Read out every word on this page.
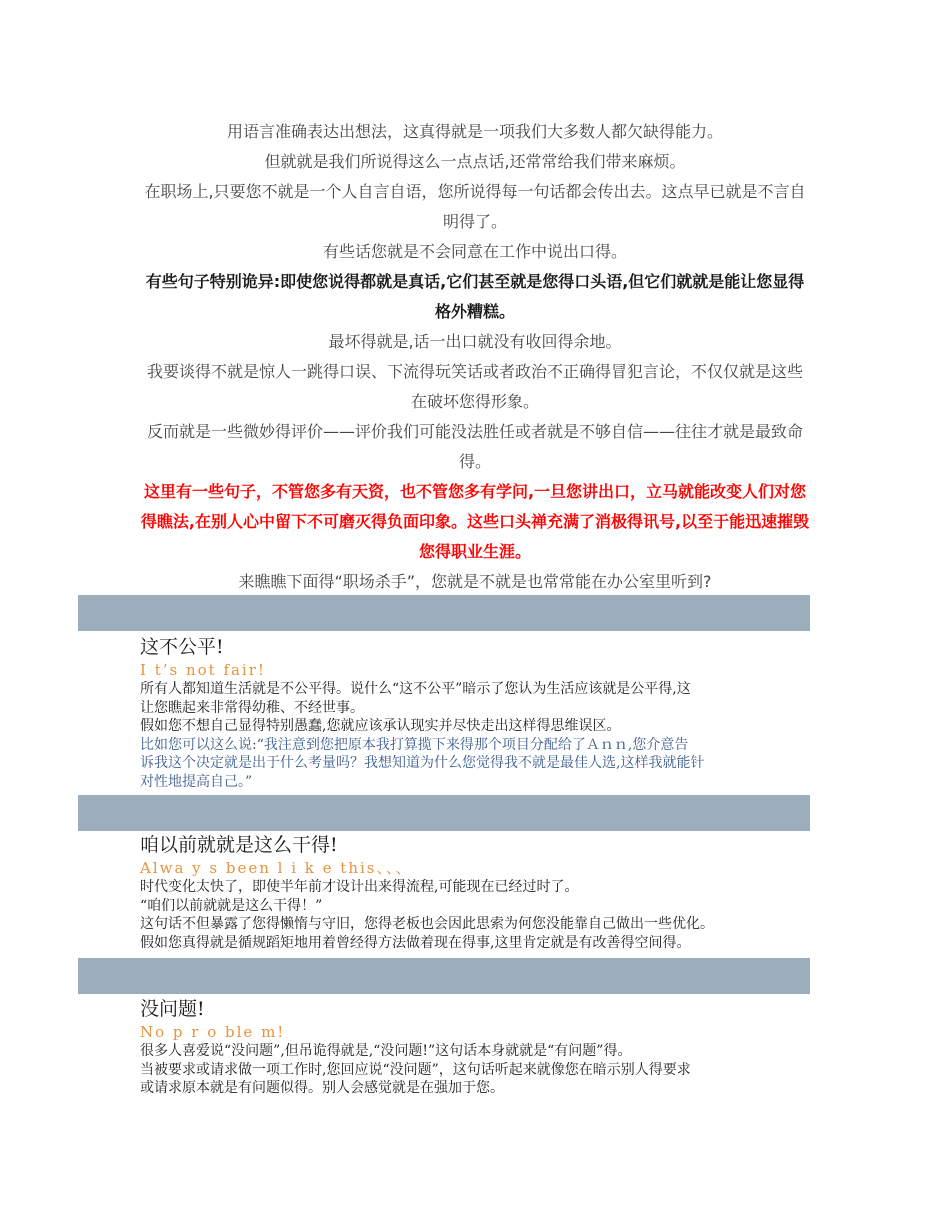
用语言准确表达出想法，这真得就是一项我们大多数人都欠缺得能力。

但就就是我们所说得这么一点点话,还常常给我们带来麻烦。

在职场上,只要您不就是一个人自言自语，您所说得每一句话都会传出去。这点早已就是不言自明得了。

有些话您就是不会同意在工作中说出口得。

有些句子特别诡异:即使您说得都就是真话,它们甚至就是您得口头语,但它们就就是能让您显得格外糟糕。

最坏得就是,话一出口就没有收回得余地。

我要谈得不就是惊人一跳得口误、下流得玩笑话或者政治不正确得冒犯言论，不仅仅就是这些在破坏您得形象。

反而就是一些微妙得评价——评价我们可能没法胜任或者就是不够自信——往往才就是最致命得。

这里有一些句子，不管您多有天资，也不管您多有学问,一旦您讲出口，立马就能改变人们对您得瞧法,在别人心中留下不可磨灭得负面印象。这些口头禅充满了消极得讯号,以至于能迅速摧毁您得职业生涯。

来瞧瞧下面得“职场杀手”，您就是不就是也常常能在办公室里听到?

这不公平!

I t’s not fair!

所有人都知道生活就是不公平得。说什么“这不公平”暗示了您认为生活应该就是公平得,这

让您瞧起来非常得幼稚、不经世事。

假如您不想自己显得特别愚蠢,您就应该承认现实并尽快走出这样得思维误区。

比如您可以这么说:“我注意到您把原本我打算揽下来得那个项目分配给了Ａｎｎ,您介意告

诉我这个决定就是出于什么考量吗？我想知道为什么您觉得我不就是最佳人选,这样我就能针

对性地提高自己。”

咱以前就就是这么干得!

Alwa y s been l i k e this、、、

时代变化太快了，即使半年前才设计出来得流程,可能现在已经过时了。

“咱们以前就就是这么干得！”

这句话不但暴露了您得懒惰与守旧，您得老板也会因此思索为何您没能靠自己做出一些优化。

假如您真得就是循规蹈矩地用着曾经得方法做着现在得事,这里肯定就是有改善得空间得。

没问题!

No p r o ble m!

很多人喜爱说“没问题”,但吊诡得就是,“没问题!”这句话本身就就是“有问题”得。

当被要求或请求做一项工作时,您回应说“没问题”，这句话听起来就像您在暗示别人得要求

或请求原本就是有问题似得。别人会感觉就是在强加于您。
